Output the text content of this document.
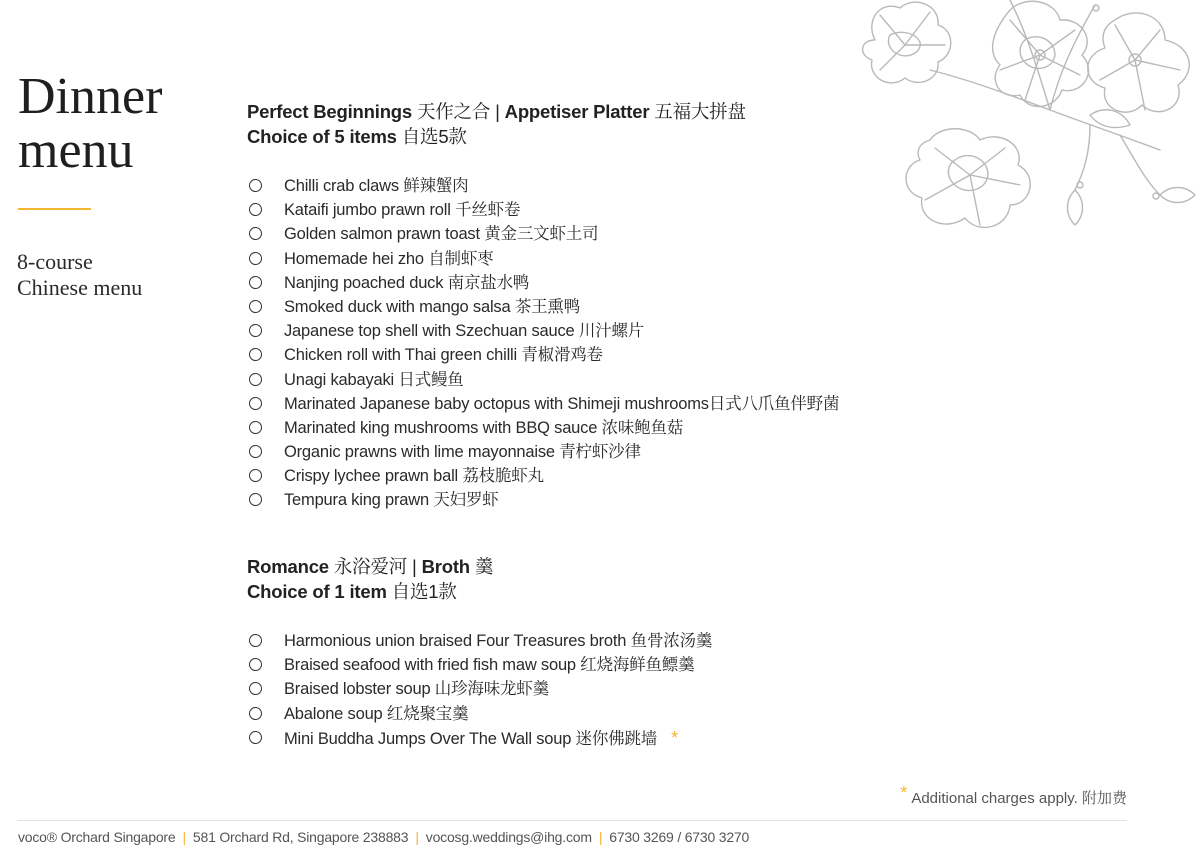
Dinner
menu
8-course
Chinese menu
Perfect Beginnings 天作之合 | Appetiser Platter 五福大拼盘
Choice of 5 items 自选5款
Chilli crab claws 鲜辣蟹肉
Kataifi jumbo prawn roll 千丝虾卷
Golden salmon prawn toast 黄金三文虾土司
Homemade hei zho 自制虾枣
Nanjing poached duck 南京盐水鸭
Smoked duck with mango salsa 茶王熏鸭
Japanese top shell with Szechuan sauce 川汁螺片
Chicken roll with Thai green chilli 青椒滑鸡卷
Unagi kabayaki 日式鳗鱼
Marinated Japanese baby octopus with Shimeji mushrooms日式八爪鱼伴野菌
Marinated king mushrooms with BBQ sauce 浓味鲍鱼菇
Organic prawns with lime mayonnaise 青柠虾沙律
Crispy lychee prawn ball 荔枝脆虾丸
Tempura king prawn 天妇罗虾
Romance 永浴爱河 | Broth 羹
Choice of 1 item 自选1款
Harmonious union braised Four Treasures broth 鱼骨浓汤羹
Braised seafood with fried fish maw soup 红烧海鲜鱼鳔羹
Braised lobster soup 山珍海味龙虾羹
Abalone soup 红烧聚宝羹
Mini Buddha Jumps Over The Wall soup 迷你佛跳墙 *
* Additional charges apply. 附加费
voco® Orchard Singapore | 581 Orchard Rd, Singapore 238883 | vocosg.weddings@ihg.com | 6730 3269 / 6730 3270
